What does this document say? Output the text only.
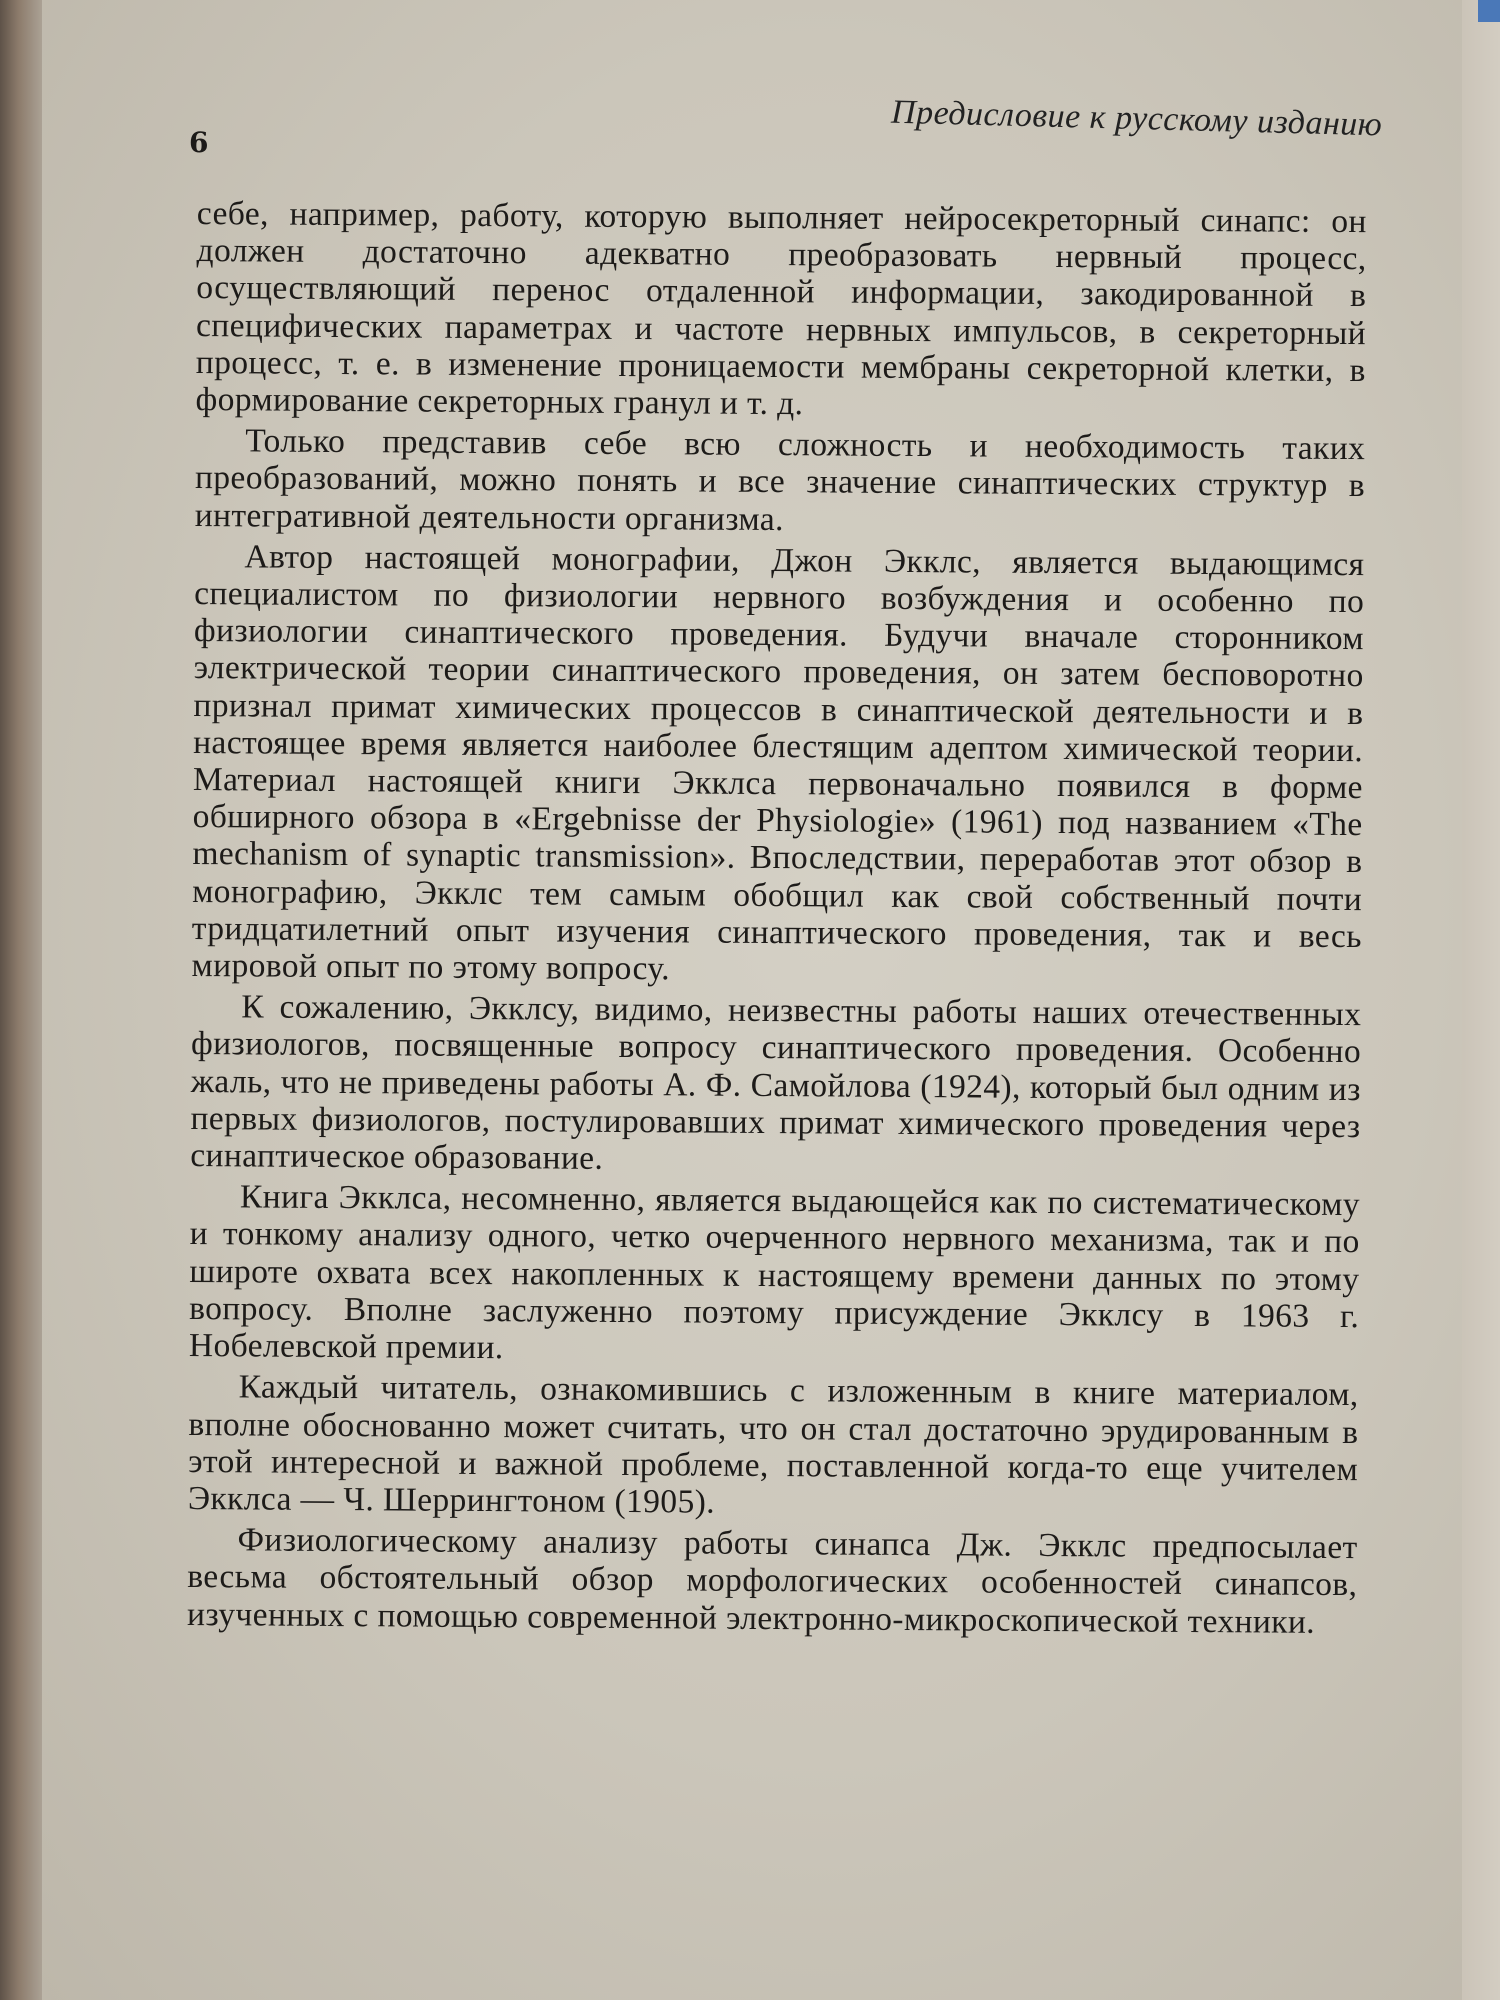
6	Предисловие к русскому изданию

себе, например, работу, которую выполняет нейросекреторный синапс: он должен достаточно адекватно преобразовать нервный процесс, осуществляющий перенос отдаленной информации, закодированной в специфических параметрах и частоте нервных импульсов, в секреторный процесс, т. е. в изменение проницаемости мембраны секреторной клетки, в формирование секреторных гранул и т. д.

Только представив себе всю сложность и необходимость таких преобразований, можно понять и все значение синаптических структур в интегративной деятельности организма.

Автор настоящей монографии, Джон Экклс, является выдающимся специалистом по физиологии нервного возбуждения и особенно по физиологии синаптического проведения. Будучи вначале сторонником электрической теории синаптического проведения, он затем бесповоротно признал примат химических процессов в синаптической деятельности и в настоящее время является наиболее блестящим адептом химической теории. Материал настоящей книги Экклса первоначально появился в форме обширного обзора в «Ergebnisse der Physiologie» (1961) под названием «The mechanism of synaptic transmission». Впоследствии, переработав этот обзор в монографию, Экклс тем самым обобщил как свой собственный почти тридцатилетний опыт изучения синаптического проведения, так и весь мировой опыт по этому вопросу.

К сожалению, Экклсу, видимо, неизвестны работы наших отечественных физиологов, посвященные вопросу синаптического проведения. Особенно жаль, что не приведены работы А. Ф. Самойлова (1924), который был одним из первых физиологов, постулировавших примат химического проведения через синаптическое образование.

Книга Экклса, несомненно, является выдающейся как по систематическому и тонкому анализу одного, четко очерченного нервного механизма, так и по широте охвата всех накопленных к настоящему времени данных по этому вопросу. Вполне заслуженно поэтому присуждение Экклсу в 1963 г. Нобелевской премии.

Каждый читатель, ознакомившись с изложенным в книге материалом, вполне обоснованно может считать, что он стал достаточно эрудированным в этой интересной и важной проблеме, поставленной когда-то еще учителем Экклса — Ч. Шеррингтоном (1905).

Физиологическому анализу работы синапса Дж. Экклс предпосылает весьма обстоятельный обзор морфологических особенностей синапсов, изученных с помощью современной электронно-микроскопической техники.
